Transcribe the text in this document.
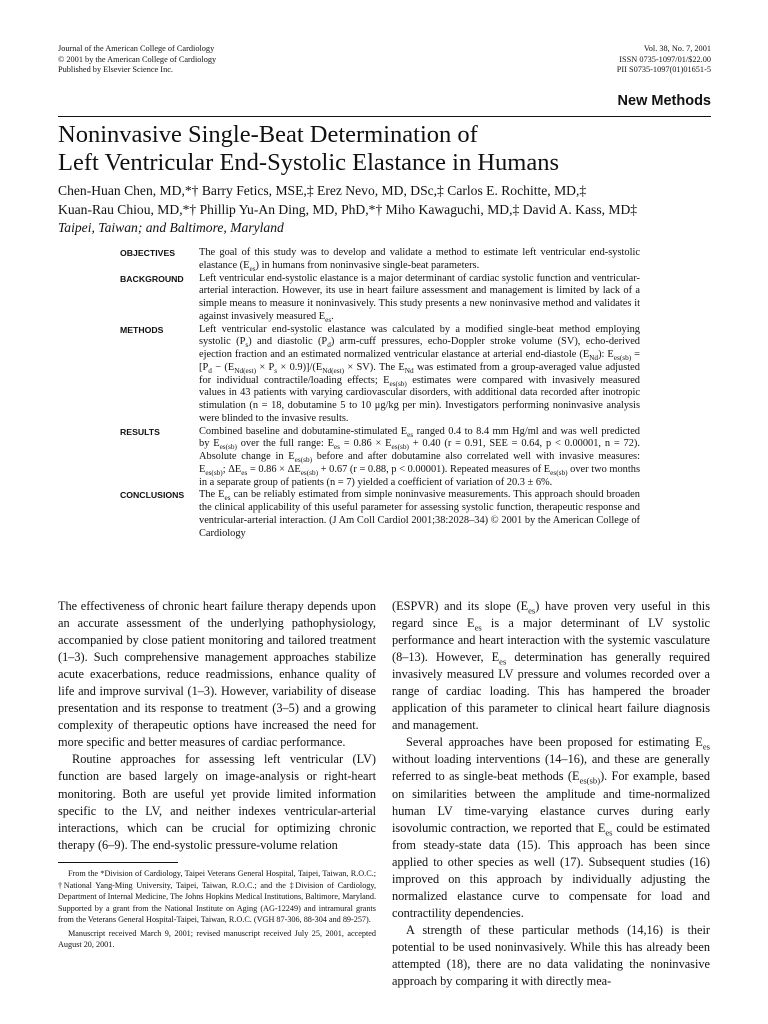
Journal of the American College of Cardiology
© 2001 by the American College of Cardiology
Published by Elsevier Science Inc.
Vol. 38, No. 7, 2001
ISSN 0735-1097/01/$22.00
PII S0735-1097(01)01651-5
New Methods
Noninvasive Single-Beat Determination of
Left Ventricular End-Systolic Elastance in Humans
Chen-Huan Chen, MD,*† Barry Fetics, MSE,‡ Erez Nevo, MD, DSc,‡ Carlos E. Rochitte, MD,‡
Kuan-Rau Chiou, MD,*† Phillip Yu-An Ding, MD, PhD,*† Miho Kawaguchi, MD,‡ David A. Kass, MD‡
Taipei, Taiwan; and Baltimore, Maryland
OBJECTIVES	The goal of this study was to develop and validate a method to estimate left ventricular end-systolic elastance $(E_{es})$ in humans from noninvasive single-beat parameters.
BACKGROUND	Left ventricular end-systolic elastance is a major determinant of cardiac systolic function and ventricular-arterial interaction. However, its use in heart failure assessment and management is limited by lack of a simple means to measure it noninvasively. This study presents a new noninvasive method and validates it against invasively measured $E_{es}$.
METHODS	Left ventricular end-systolic elastance was calculated by a modified single-beat method employing systolic $(P_s)$ and diastolic $(P_d)$ arm-cuff pressures, echo-Doppler stroke volume (SV), echo-derived ejection fraction and an estimated normalized ventricular elastance at arterial end-diastole $(E_{Nd})$: $E_{es(sb)} = [P_d - (E_{Nd(est)} \times P_s \times 0.9)]/(E_{Nd(est)} \times SV)$. The $E_{Nd}$ was estimated from a group-averaged value adjusted for individual contractile/loading effects; $E_{es(sb)}$ estimates were compared with invasively measured values in 43 patients with varying cardiovascular disorders, with additional data recorded after inotropic stimulation (n = 18, dobutamine 5 to 10 μg/kg per min). Investigators performing noninvasive analysis were blinded to the invasive results.
RESULTS	Combined baseline and dobutamine-stimulated $E_{es}$ ranged 0.4 to 8.4 mm Hg/ml and was well predicted by $E_{es(sb)}$ over the full range: $E_{es} = 0.86 \times E_{es(sb)} + 0.40$ (r = 0.91, SEE = 0.64, p < 0.00001, n = 72). Absolute change in $E_{es(sb)}$ before and after dobutamine also correlated well with invasive measures: $E_{es(sb)}$; $\Delta E_{es} = 0.86 \times \Delta E_{es(sb)} + 0.67$ (r = 0.88, p < 0.00001). Repeated measures of $E_{es(sb)}$ over two months in a separate group of patients (n = 7) yielded a coefficient of variation of 20.3 ± 6%.
CONCLUSIONS	The $E_{es}$ can be reliably estimated from simple noninvasive measurements. This approach should broaden the clinical applicability of this useful parameter for assessing systolic function, therapeutic response and ventricular-arterial interaction. (J Am Coll Cardiol 2001;38:2028–34) © 2001 by the American College of Cardiology

The effectiveness of chronic heart failure therapy depends upon an accurate assessment of the underlying pathophysiology, accompanied by close patient monitoring and tailored treatment (1–3). Such comprehensive management approaches stabilize acute exacerbations, reduce readmissions, enhance quality of life and improve survival (1–3). However, variability of disease presentation and its response to treatment (3–5) and a growing complexity of therapeutic options have increased the need for more specific and better measures of cardiac performance.

Routine approaches for assessing left ventricular (LV) function are based largely on image-analysis or right-heart monitoring. Both are useful yet provide limited information specific to the LV, and neither indexes ventricular-arterial interactions, which can be crucial for optimizing chronic therapy (6–9). The end-systolic pressure-volume relation

(ESPVR) and its slope $(E_{es})$ have proven very useful in this regard since $E_{es}$ is a major determinant of LV systolic performance and heart interaction with the systemic vasculature (8–13). However, $E_{es}$ determination has generally required invasively measured LV pressure and volumes recorded over a range of cardiac loading. This has hampered the broader application of this parameter to clinical heart failure diagnosis and management.

Several approaches have been proposed for estimating $E_{es}$ without loading interventions (14–16), and these are generally referred to as single-beat methods $(E_{es(sb)})$. For example, based on similarities between the amplitude and time-normalized human LV time-varying elastance curves during early isovolumic contraction, we reported that $E_{es}$ could be estimated from steady-state data (15). This approach has been since applied to other species as well (17). Subsequent studies (16) improved on this approach by individually adjusting the normalized elastance curve to compensate for load and contractility dependencies.

A strength of these particular methods (14,16) is their potential to be used noninvasively. While this has already been attempted (18), there are no data validating the noninvasive approach by comparing it with directly mea-

From the *Division of Cardiology, Taipei Veterans General Hospital, Taipei, Taiwan, R.O.C.; †National Yang-Ming University, Taipei, Taiwan, R.O.C.; and the ‡Division of Cardiology, Department of Internal Medicine, The Johns Hopkins Medical Institutions, Baltimore, Maryland. Supported by a grant from the National Institute on Aging (AG-12249) and intramural grants from the Veterans General Hospital-Taipei, Taiwan, R.O.C. (VGH 87-306, 88-304 and 89-257).

Manuscript received March 9, 2001; revised manuscript received July 25, 2001, accepted August 20, 2001.
